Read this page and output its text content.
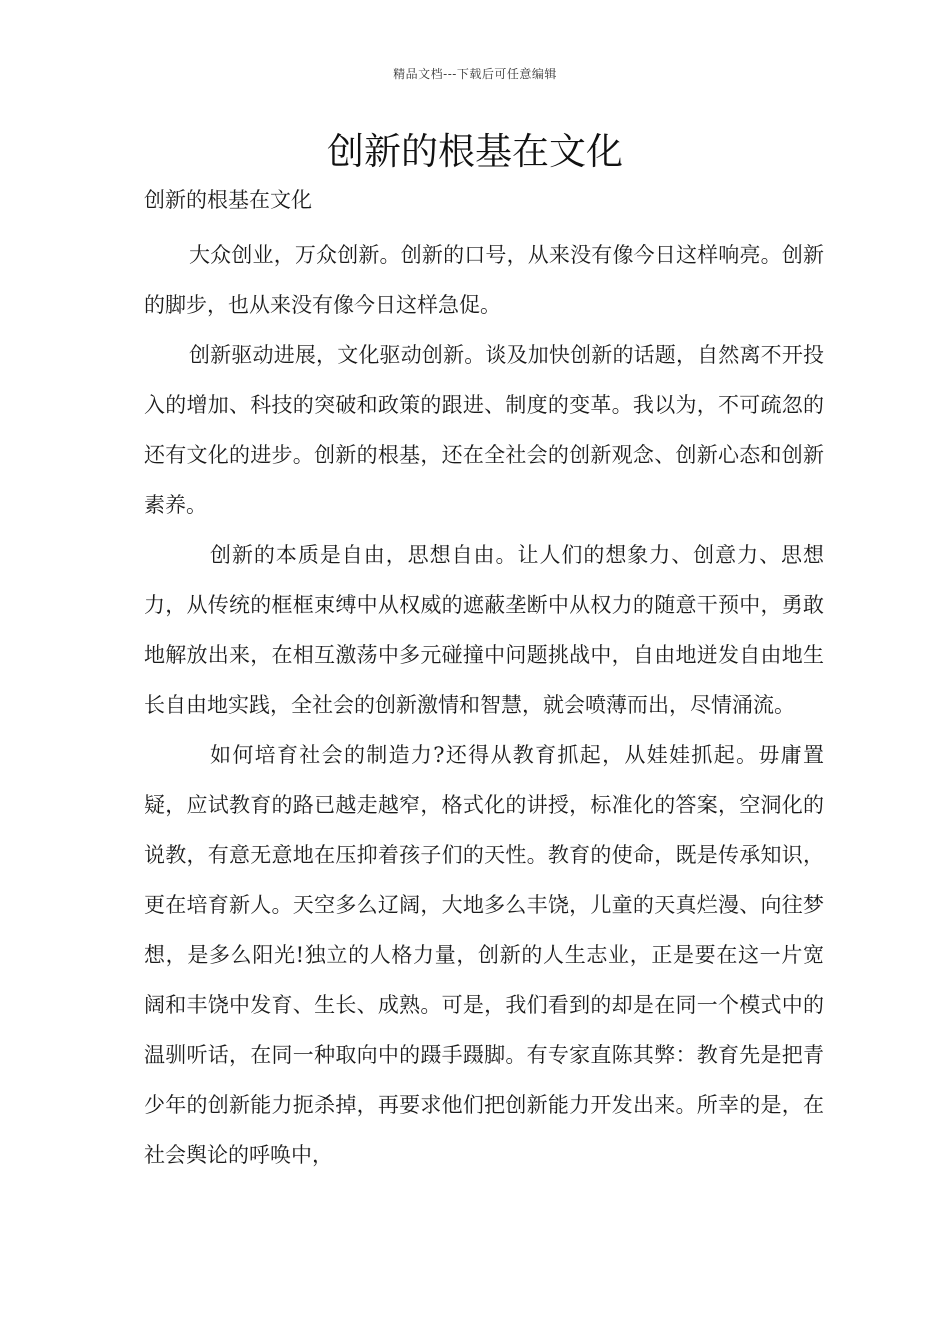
精品文档---下载后可任意编辑
创新的根基在文化

创新的根基在文化

大众创业，万众创新。创新的口号，从来没有像今日这样响亮。创新的脚步，也从来没有像今日这样急促。

创新驱动进展，文化驱动创新。谈及加快创新的话题，自然离不开投入的增加、科技的突破和政策的跟进、制度的变革。我以为，不可疏忽的还有文化的进步。创新的根基，还在全社会的创新观念、创新心态和创新素养。

创新的本质是自由，思想自由。让人们的想象力、创意力、思想力，从传统的框框束缚中从权威的遮蔽垄断中从权力的随意干预中，勇敢地解放出来，在相互激荡中多元碰撞中问题挑战中，自由地迸发自由地生长自由地实践，全社会的创新激情和智慧，就会喷薄而出，尽情涌流。

如何培育社会的制造力?还得从教育抓起，从娃娃抓起。毋庸置疑，应试教育的路已越走越窄，格式化的讲授，标准化的答案，空洞化的说教，有意无意地在压抑着孩子们的天性。教育的使命，既是传承知识，更在培育新人。天空多么辽阔，大地多么丰饶，儿童的天真烂漫、向往梦想，是多么阳光!独立的人格力量，创新的人生志业，正是要在这一片宽阔和丰饶中发育、生长、成熟。可是，我们看到的却是在同一个模式中的温驯听话，在同一种取向中的蹑手蹑脚。有专家直陈其弊：教育先是把青少年的创新能力扼杀掉，再要求他们把创新能力开发出来。所幸的是，在社会舆论的呼唤中，
